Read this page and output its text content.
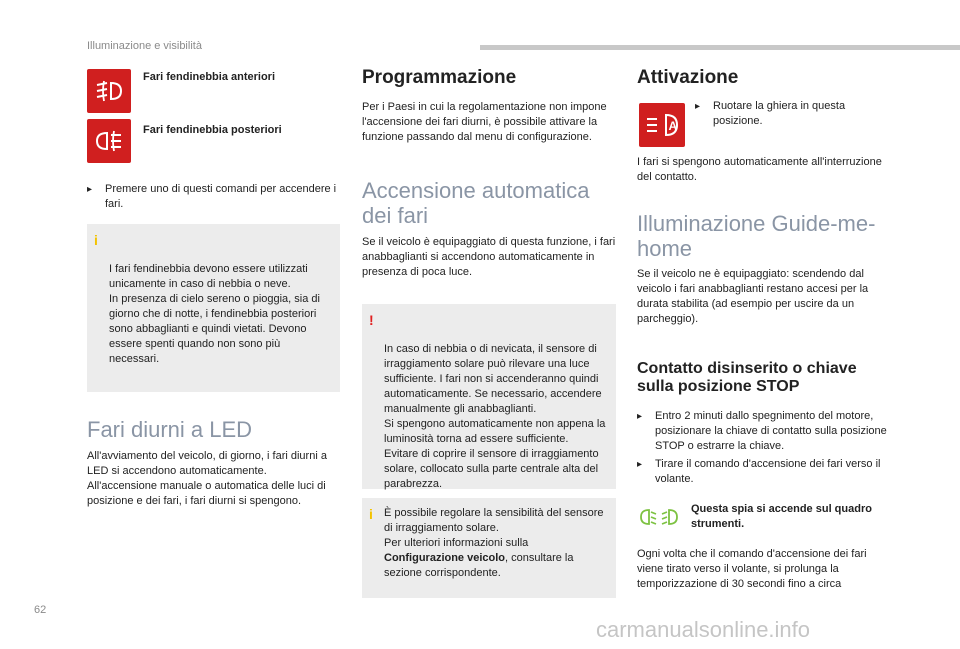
Illuminazione e visibilità
Fari fendinebbia anteriori
Fari fendinebbia posteriori
▸	Premere uno di questi comandi per accendere i fari.

i

I fari fendinebbia devono essere utilizzati unicamente in caso di nebbia o neve.
In presenza di cielo sereno o pioggia, sia di giorno che di notte, i fendinebbia posteriori sono abbaglianti e quindi vietati. Devono essere spenti quando non sono più necessari.

Fari diurni a LED
All'avviamento del veicolo, di giorno, i fari diurni a LED si accendono automaticamente.
All'accensione manuale o automatica delle luci di posizione e dei fari, i fari diurni si spengono.
Programmazione
Per i Paesi in cui la regolamentazione non impone l'accensione dei fari diurni, è possibile attivare la funzione passando dal menu di configurazione.
Accensione automatica dei fari
Se il veicolo è equipaggiato di questa funzione, i fari anabbaglianti si accendono automaticamente in presenza di poca luce.

!

In caso di nebbia o di nevicata, il sensore di irraggiamento solare può rilevare una luce sufficiente. I fari non si accenderanno quindi automaticamente. Se necessario, accendere manualmente gli anabbaglianti.
Si spengono automaticamente non appena la luminosità torna ad essere sufficiente.
Evitare di coprire il sensore di irraggiamento solare, collocato sulla parte centrale alta del parabrezza.

i È possibile regolare la sensibilità del sensore di irraggiamento solare.
Per ulteriori informazioni sulla Configurazione veicolo, consultare la sezione corrispondente.
Attivazione
A
▸	Ruotare la ghiera in questa posizione.
I fari si spengono automaticamente all'interruzione del contatto.
Illuminazione Guide-me-home
Se il veicolo ne è equipaggiato: scendendo dal veicolo i fari anabbaglianti restano accesi per la durata stabilita (ad esempio per uscire da un parcheggio).
Contatto disinserito o chiave sulla posizione STOP
▸	Entro 2 minuti dallo spegnimento del motore, posizionare la chiave di contatto sulla posizione STOP o estrarre la chiave.
▸	Tirare il comando d'accensione dei fari verso il volante.
Questa spia si accende sul quadro strumenti.
Ogni volta che il comando d'accensione dei fari viene tirato verso il volante, si prolunga la temporizzazione di 30 secondi fino a circa
62
carmanualsonline.info
